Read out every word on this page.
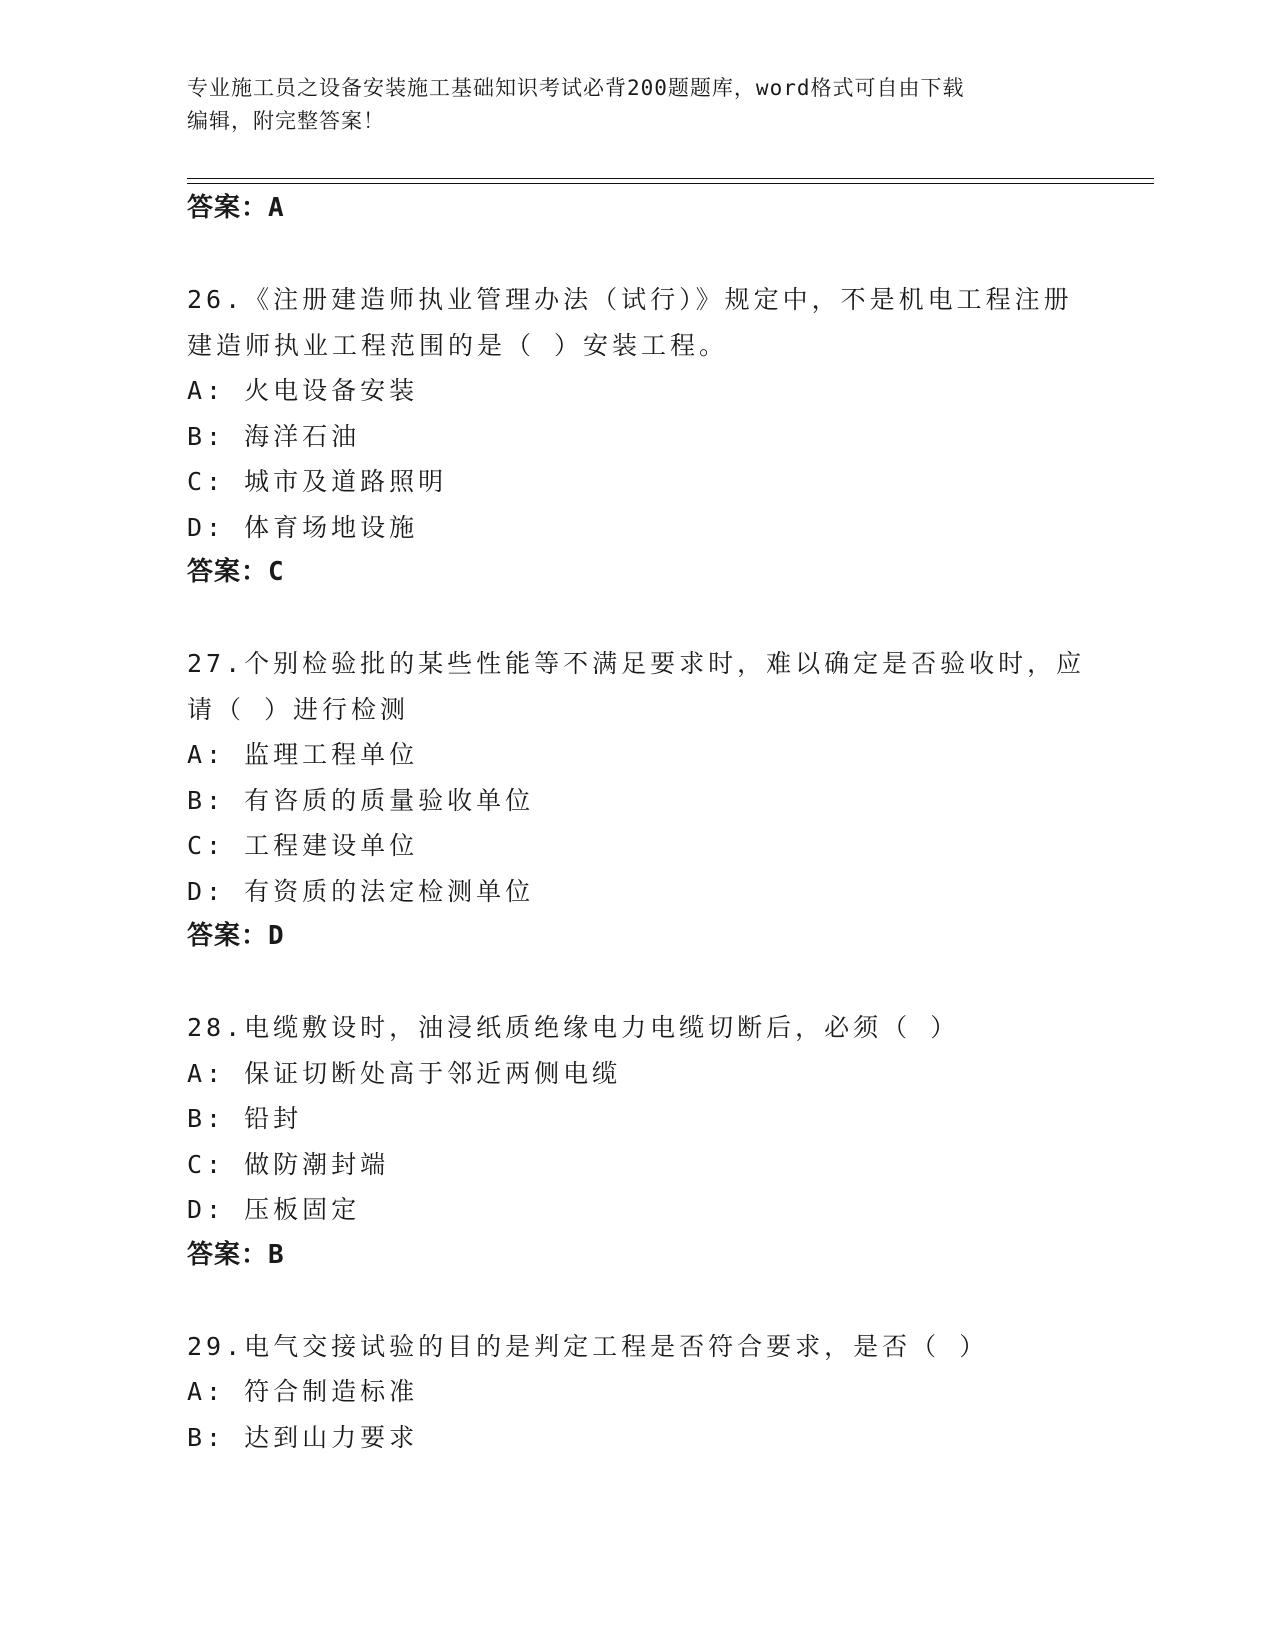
专业施工员之设备安装施工基础知识考试必背200题题库，word格式可自由下载
编辑，附完整答案！
答案：A
26.《注册建造师执业管理办法（试行）》规定中，不是机电工程注册
建造师执业工程范围的是（ ）安装工程。
A: 火电设备安装
B: 海洋石油
C: 城市及道路照明
D: 体育场地设施
答案：C
27.个别检验批的某些性能等不满足要求时，难以确定是否验收时，应
请（ ）进行检测
A: 监理工程单位
B: 有咨质的质量验收单位
C: 工程建设单位
D: 有资质的法定检测单位
答案：D
28.电缆敷设时，油浸纸质绝缘电力电缆切断后，必须（ ）
A: 保证切断处高于邻近两侧电缆
B: 铅封
C: 做防潮封端
D: 压板固定
答案：B
29.电气交接试验的目的是判定工程是否符合要求，是否（ ）
A: 符合制造标准
B: 达到山力要求
